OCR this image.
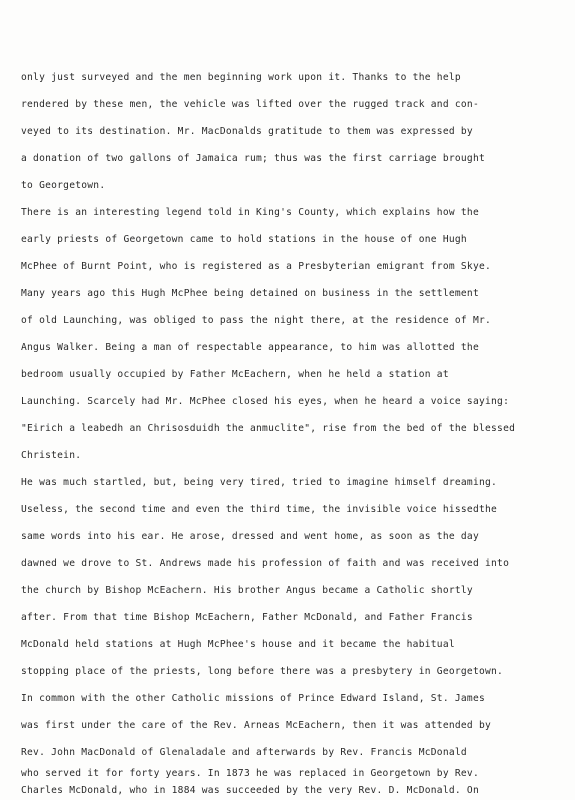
only just surveyed and the men beginning work upon it. Thanks to the help
rendered by these men, the vehicle was lifted over the rugged track and con-
veyed to its destination. Mr. MacDonalds gratitude to them was expressed by
a donation of two gallons of Jamaica rum; thus was the first carriage brought
to Georgetown.
There is an interesting legend told in King's County, which explains how the
early priests of Georgetown came to hold stations in the house of one Hugh
McPhee of Burnt Point, who is registered as a Presbyterian emigrant from Skye.
Many years ago this Hugh McPhee being detained on business in the settlement
of old Launching, was obliged to pass the night there, at the residence of Mr.
Angus Walker. Being a man of respectable appearance, to him was allotted the
bedroom usually occupied by Father McEachern, when he held a station at
Launching. Scarcely had Mr. McPhee closed his eyes, when he heard a voice saying:
"Eirich a leabedh an Chrisosduidh the anmuclite", rise from the bed of the blessed
Christein.
He was much startled, but, being very tired, tried to imagine himself dreaming.
Useless, the second time and even the third time, the invisible voice hissedthe
same words into his ear. He arose, dressed and went home, as soon as the day
dawned we drove to St. Andrews made his profession of faith and was received into
the church by Bishop McEachern. His brother Angus became a Catholic shortly
after. From that time Bishop McEachern, Father McDonald, and Father Francis
McDonald held stations at Hugh McPhee's house and it became the habitual
stopping place of the priests, long before there was a presbytery in Georgetown.
In common with the other Catholic missions of Prince Edward Island, St. James
was first under the care of the Rev. Arneas McEachern, then it was attended by
Rev. John MacDonald of Glenaladale and afterwards by Rev. Francis McDonald
who served it for forty years. In 1873 he was replaced in Georgetown by Rev.
Charles McDonald, who in 1884 was succeeded by the very Rev. D. McDonald. On
